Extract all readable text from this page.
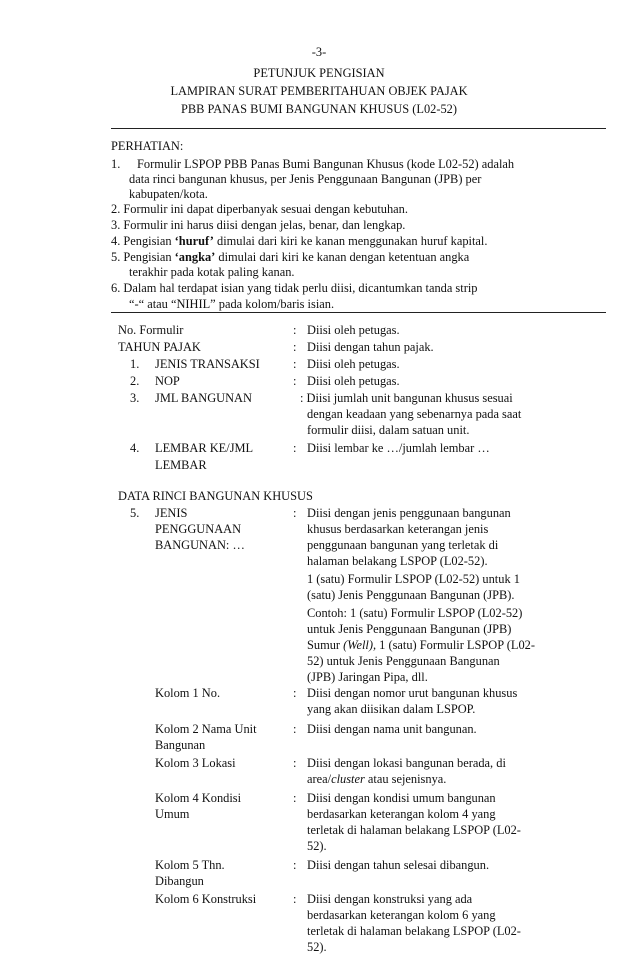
-3-
PETUNJUK PENGISIAN
LAMPIRAN SURAT PEMBERITAHUAN OBJEK PAJAK
PBB PANAS BUMI BANGUNAN KHUSUS (L02-52)
PERHATIAN:
1. Formulir LSPOP PBB Panas Bumi Bangunan Khusus (kode L02-52) adalah
data rinci bangunan khusus, per Jenis Penggunaan Bangunan (JPB) per
kabupaten/kota.
2. Formulir ini dapat diperbanyak sesuai dengan kebutuhan.
3. Formulir ini harus diisi dengan jelas, benar, dan lengkap.
4. Pengisian ‘huruf’ dimulai dari kiri ke kanan menggunakan huruf kapital.
5. Pengisian ‘angka’ dimulai dari kiri ke kanan dengan ketentuan angka
terakhir pada kotak paling kanan.
6. Dalam hal terdapat isian yang tidak perlu diisi, dicantumkan tanda strip
“-“ atau “NIHIL” pada kolom/baris isian.
No. Formulir	: Diisi oleh petugas.
TAHUN PAJAK	: Diisi dengan tahun pajak.
1. JENIS TRANSAKSI	: Diisi oleh petugas.
2. NOP	: Diisi oleh petugas.
3. JML BANGUNAN	: Diisi jumlah unit bangunan khusus sesuai
dengan keadaan yang sebenarnya pada saat
formulir diisi, dalam satuan unit.
4. LEMBAR KE/JML
LEMBAR
: Diisi lembar ke …/jumlah lembar …
DATA RINCI BANGUNAN KHUSUS
5. JENIS
PENGGUNAAN
BANGUNAN: …
: Diisi dengan jenis penggunaan bangunan
khusus berdasarkan keterangan jenis
penggunaan bangunan yang terletak di
halaman belakang LSPOP (L02-52).
1 (satu) Formulir LSPOP (L02-52) untuk 1
(satu) Jenis Penggunaan Bangunan (JPB).
Contoh: 1 (satu) Formulir LSPOP (L02-52)
untuk Jenis Penggunaan Bangunan (JPB)
Sumur (Well), 1 (satu) Formulir LSPOP (L02-
52) untuk Jenis Penggunaan Bangunan
(JPB) Jaringan Pipa, dll.
Kolom 1 No.	: Diisi dengan nomor urut bangunan khusus
yang akan diisikan dalam LSPOP.
Kolom 2 Nama Unit
Bangunan
: Diisi dengan nama unit bangunan.
Kolom 3 Lokasi	: Diisi dengan lokasi bangunan berada, di
area/cluster atau sejenisnya.
Kolom 4 Kondisi
Umum
: Diisi dengan kondisi umum bangunan
berdasarkan keterangan kolom 4 yang
terletak di halaman belakang LSPOP (L02-
52).
Kolom 5 Thn.
Dibangun
: Diisi dengan tahun selesai dibangun.
Kolom 6 Konstruksi	: Diisi dengan konstruksi yang ada
berdasarkan keterangan kolom 6 yang
terletak di halaman belakang LSPOP (L02-
52).
